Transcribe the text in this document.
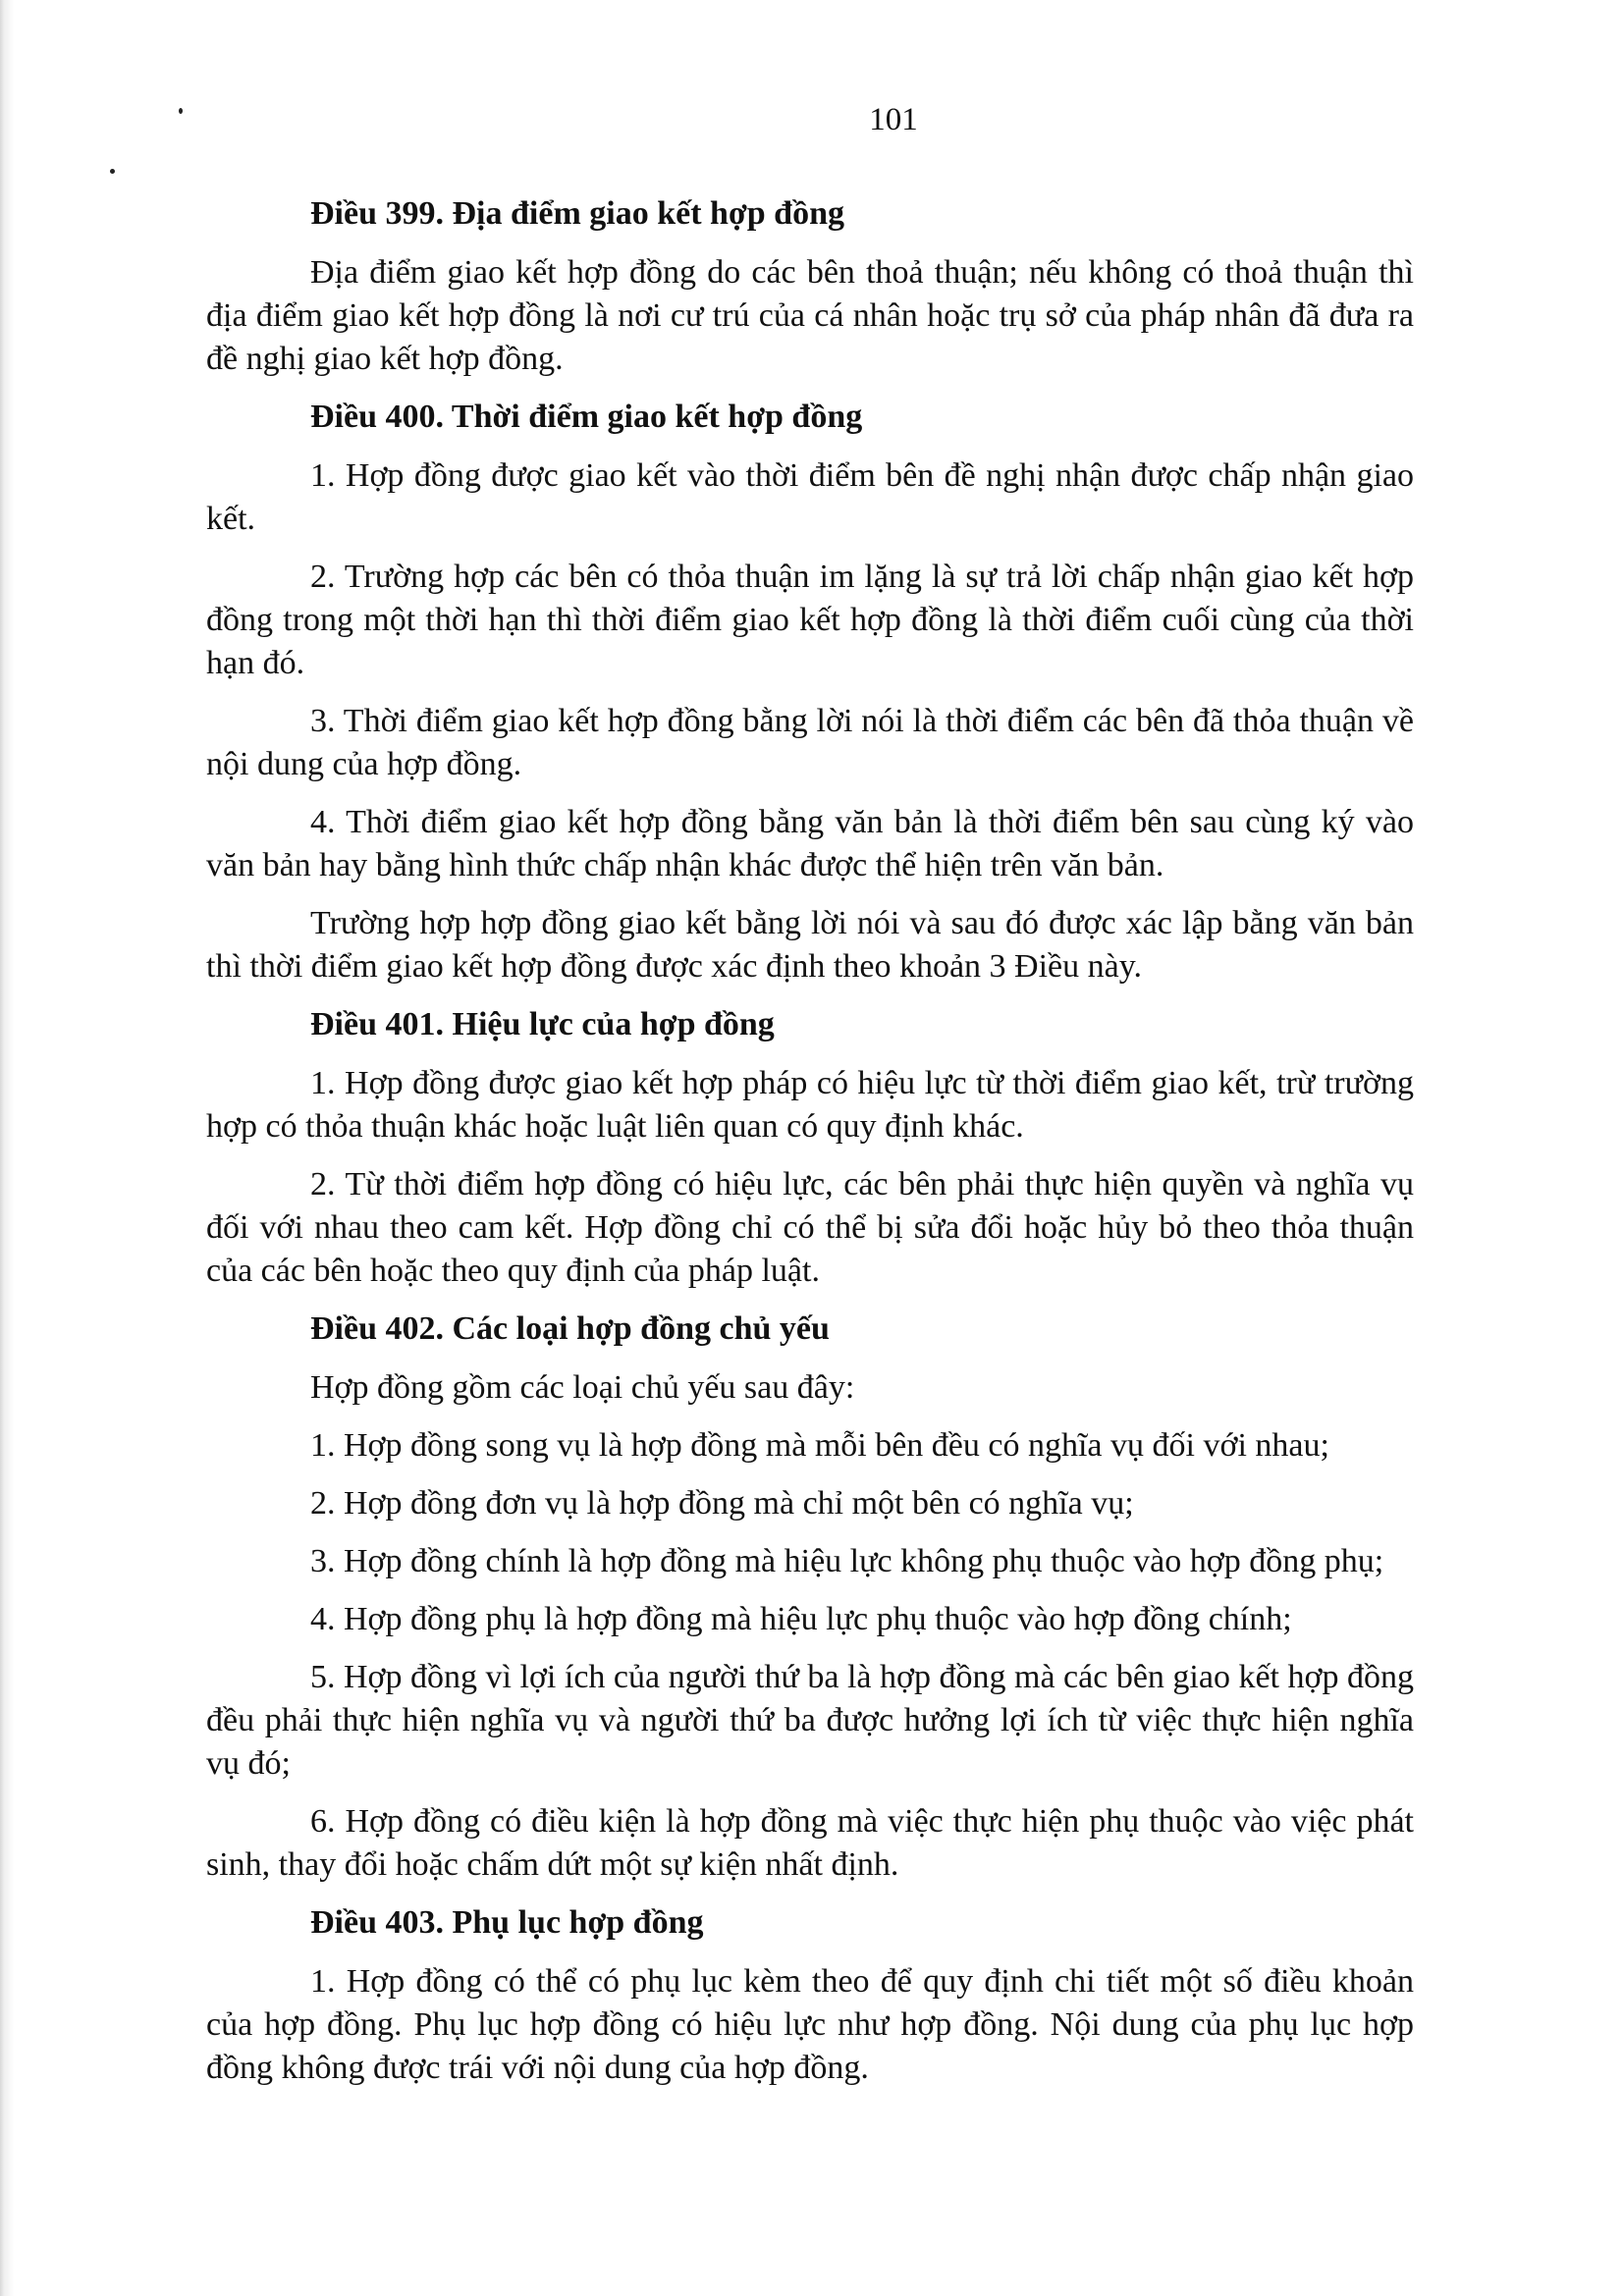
101
Điều 399. Địa điểm giao kết hợp đồng

Địa điểm giao kết hợp đồng do các bên thoả thuận; nếu không có thoả thuận thì địa điểm giao kết hợp đồng là nơi cư trú của cá nhân hoặc trụ sở của pháp nhân đã đưa ra đề nghị giao kết hợp đồng.

Điều 400. Thời điểm giao kết hợp đồng

1. Hợp đồng được giao kết vào thời điểm bên đề nghị nhận được chấp nhận giao kết.

2. Trường hợp các bên có thỏa thuận im lặng là sự trả lời chấp nhận giao kết hợp đồng trong một thời hạn thì thời điểm giao kết hợp đồng là thời điểm cuối cùng của thời hạn đó.

3. Thời điểm giao kết hợp đồng bằng lời nói là thời điểm các bên đã thỏa thuận về nội dung của hợp đồng.

4. Thời điểm giao kết hợp đồng bằng văn bản là thời điểm bên sau cùng ký vào văn bản hay bằng hình thức chấp nhận khác được thể hiện trên văn bản.

Trường hợp hợp đồng giao kết bằng lời nói và sau đó được xác lập bằng văn bản thì thời điểm giao kết hợp đồng được xác định theo khoản 3 Điều này.

Điều 401. Hiệu lực của hợp đồng

1. Hợp đồng được giao kết hợp pháp có hiệu lực từ thời điểm giao kết, trừ trường hợp có thỏa thuận khác hoặc luật liên quan có quy định khác.

2. Từ thời điểm hợp đồng có hiệu lực, các bên phải thực hiện quyền và nghĩa vụ đối với nhau theo cam kết. Hợp đồng chỉ có thể bị sửa đổi hoặc hủy bỏ theo thỏa thuận của các bên hoặc theo quy định của pháp luật.

Điều 402. Các loại hợp đồng chủ yếu

Hợp đồng gồm các loại chủ yếu sau đây:

1. Hợp đồng song vụ là hợp đồng mà mỗi bên đều có nghĩa vụ đối với nhau;

2. Hợp đồng đơn vụ là hợp đồng mà chỉ một bên có nghĩa vụ;

3. Hợp đồng chính là hợp đồng mà hiệu lực không phụ thuộc vào hợp đồng phụ;

4. Hợp đồng phụ là hợp đồng mà hiệu lực phụ thuộc vào hợp đồng chính;

5. Hợp đồng vì lợi ích của người thứ ba là hợp đồng mà các bên giao kết hợp đồng đều phải thực hiện nghĩa vụ và người thứ ba được hưởng lợi ích từ việc thực hiện nghĩa vụ đó;

6. Hợp đồng có điều kiện là hợp đồng mà việc thực hiện phụ thuộc vào việc phát sinh, thay đổi hoặc chấm dứt một sự kiện nhất định.

Điều 403. Phụ lục hợp đồng

1. Hợp đồng có thể có phụ lục kèm theo để quy định chi tiết một số điều khoản của hợp đồng. Phụ lục hợp đồng có hiệu lực như hợp đồng. Nội dung của phụ lục hợp đồng không được trái với nội dung của hợp đồng.
